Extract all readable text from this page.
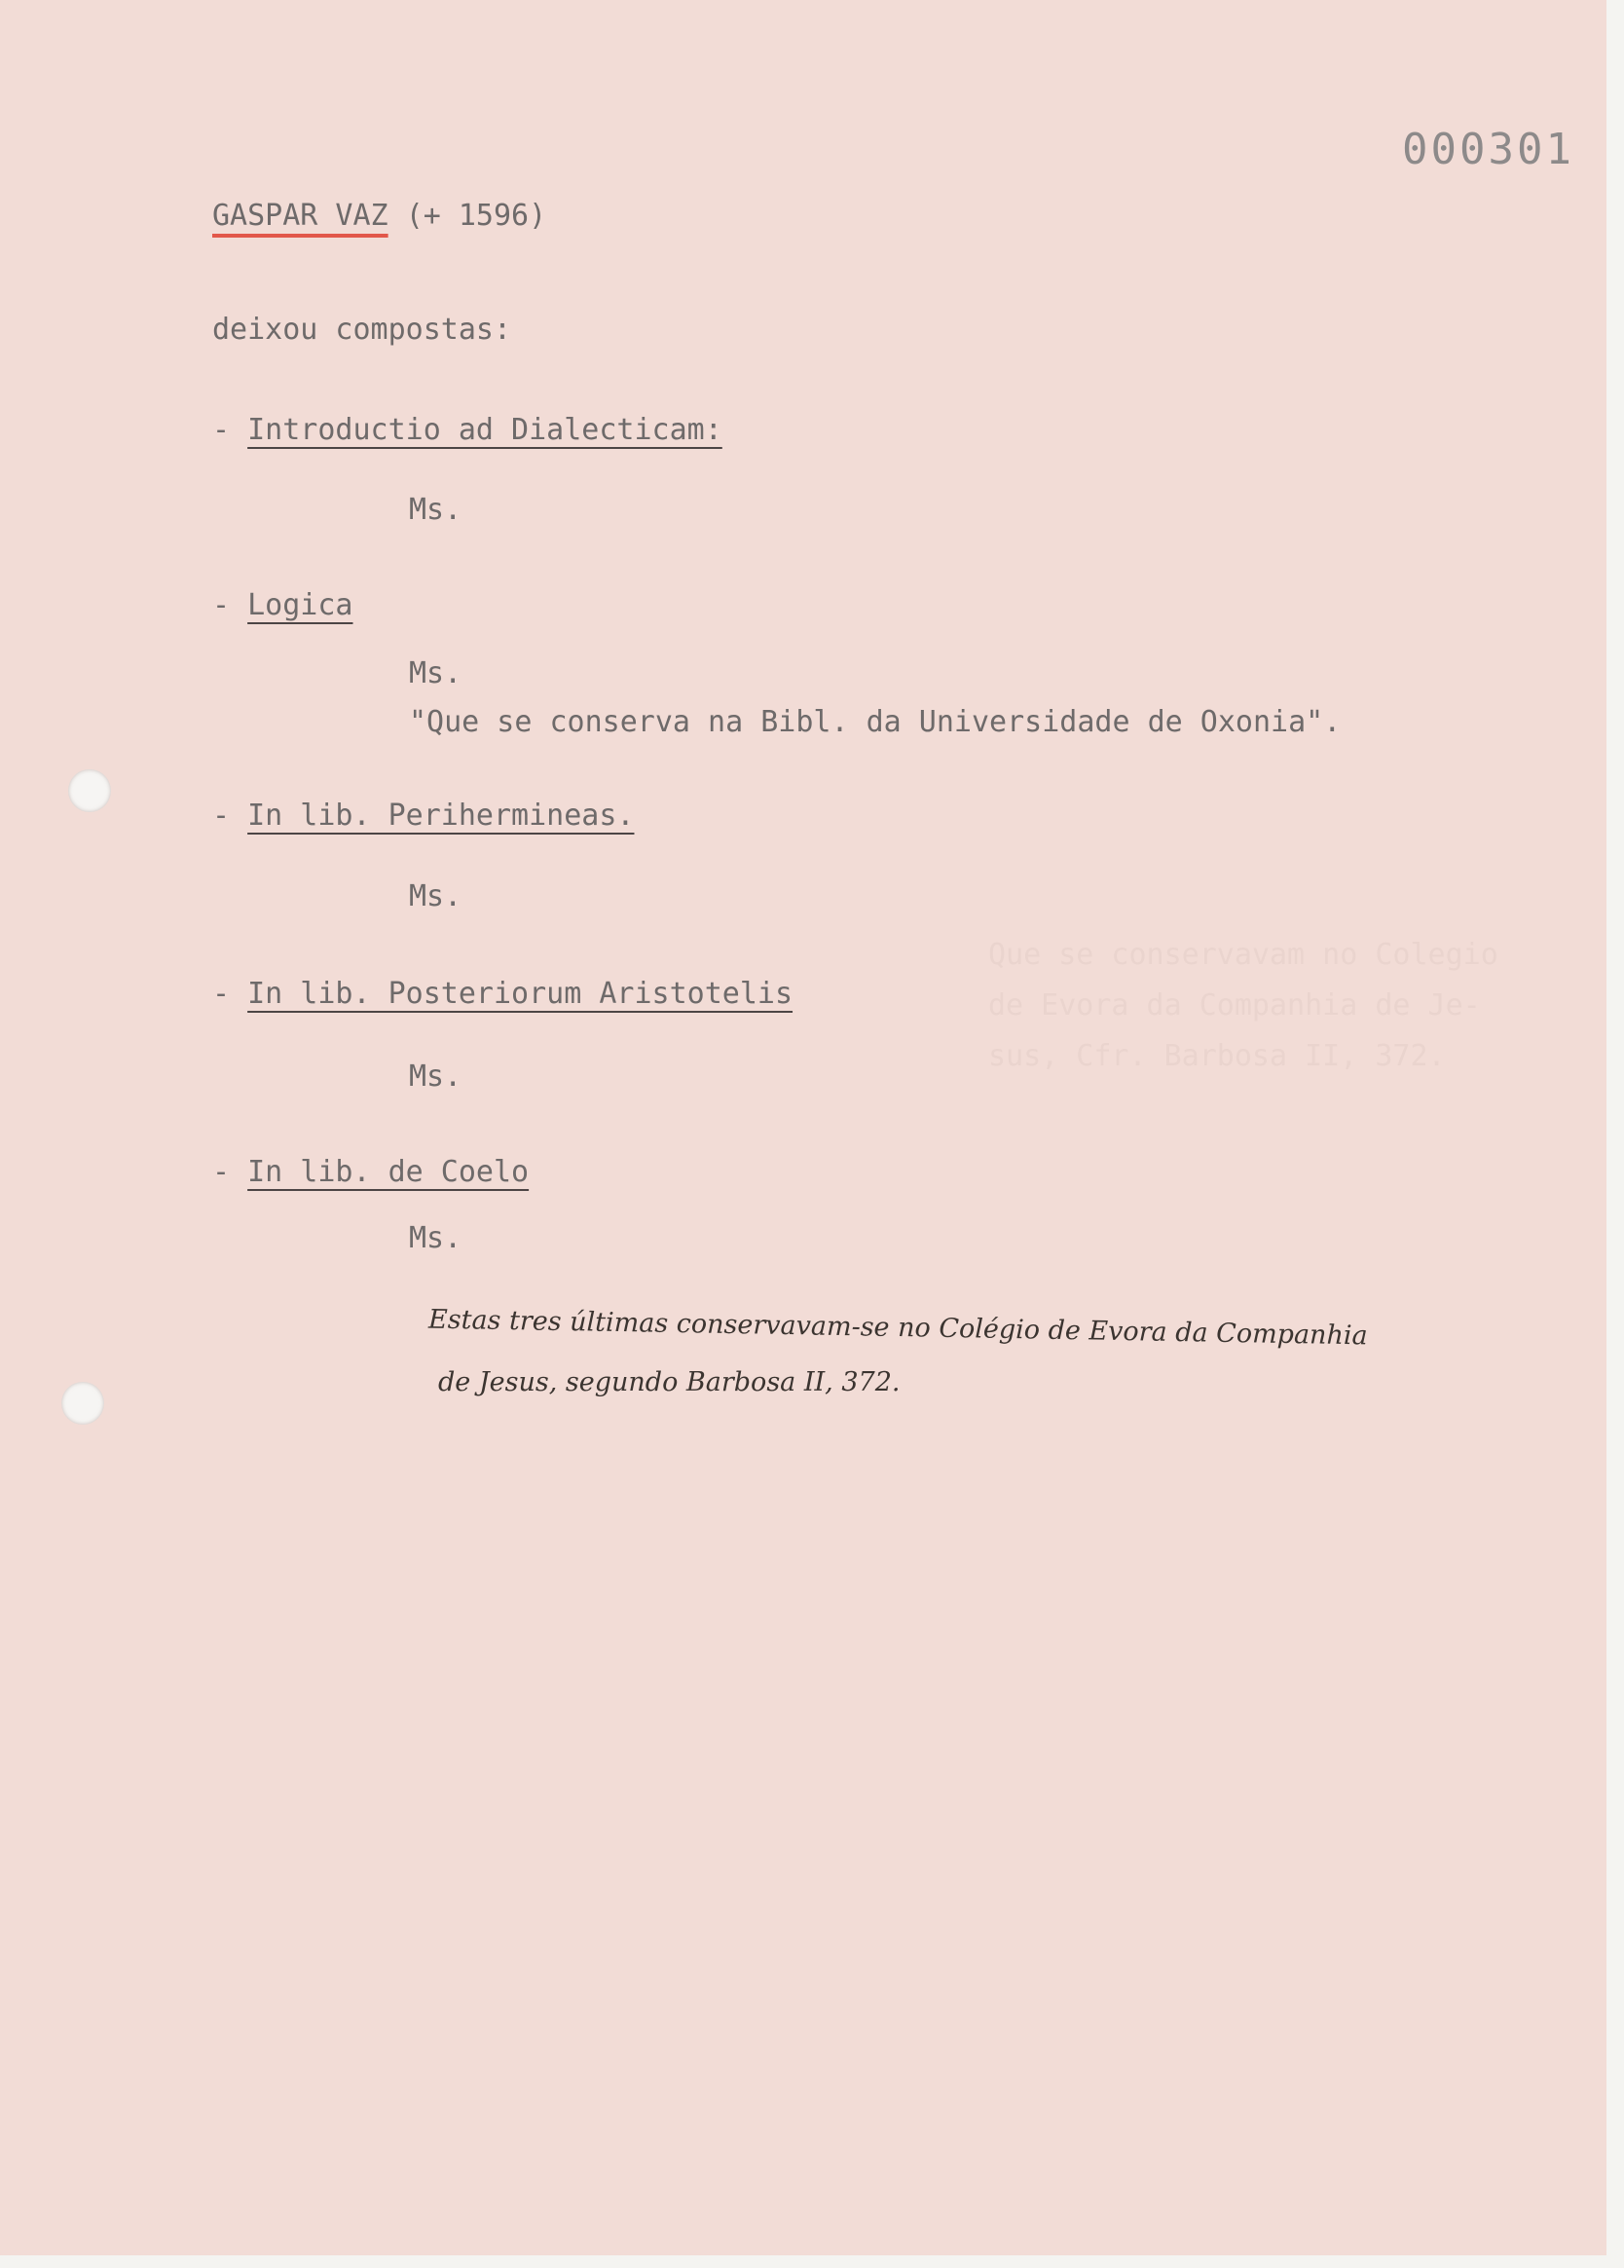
000301
GASPAR VAZ (+ 1596)
deixou compostas:
- Introductio ad Dialecticam:
Ms.
- Logica
Ms.
"Que se conserva na Bibl. da Universidade de Oxonia".
- In lib. Perihermineas.
Ms.
Que se conservavam no Colegio
de Evora da Companhia de Je-
sus, Cfr. Barbosa II, 372.
- In lib. Posteriorum Aristotelis
Ms.
- In lib. de Coelo
Ms.
Estas tres últimas conservavam-se no Colégio de Evora da Companhia
de Jesus, segundo Barbosa II, 372.
